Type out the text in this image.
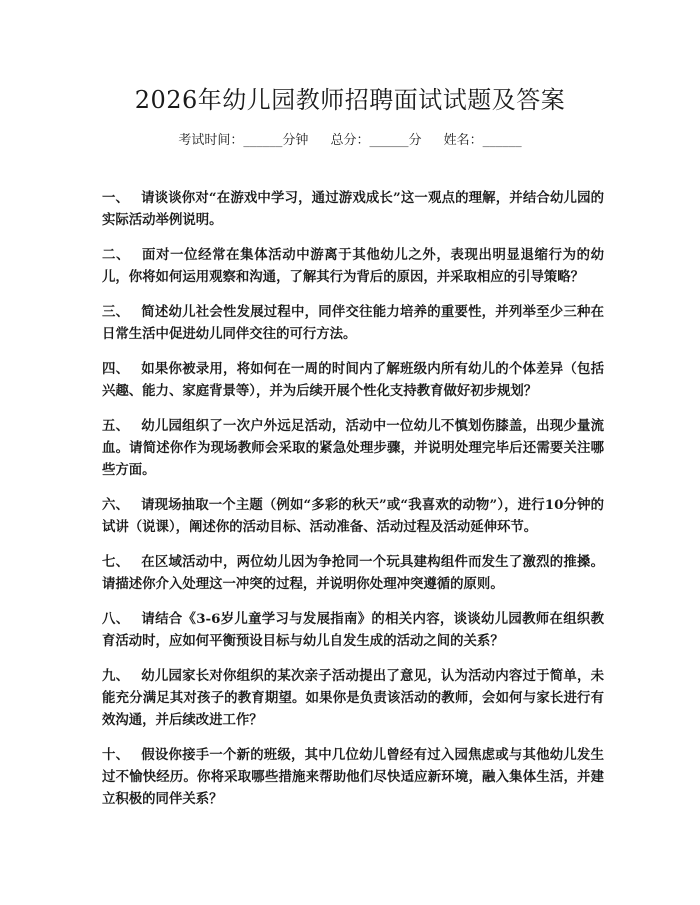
2026年幼儿园教师招聘面试试题及答案
考试时间：______分钟 总分：______分 姓名：______

一、 请谈谈你对“在游戏中学习，通过游戏成长”这一观点的理解，并结合幼儿园的实际活动举例说明。

二、 面对一位经常在集体活动中游离于其他幼儿之外，表现出明显退缩行为的幼儿，你将如何运用观察和沟通，了解其行为背后的原因，并采取相应的引导策略？

三、 简述幼儿社会性发展过程中，同伴交往能力培养的重要性，并列举至少三种在日常生活中促进幼儿同伴交往的可行方法。

四、 如果你被录用，将如何在一周的时间内了解班级内所有幼儿的个体差异（包括兴趣、能力、家庭背景等），并为后续开展个性化支持教育做好初步规划？

五、 幼儿园组织了一次户外远足活动，活动中一位幼儿不慎划伤膝盖，出现少量流血。请简述你作为现场教师会采取的紧急处理步骤，并说明处理完毕后还需要关注哪些方面。

六、 请现场抽取一个主题（例如“多彩的秋天”或“我喜欢的动物”），进行10分钟的试讲（说课），阐述你的活动目标、活动准备、活动过程及活动延伸环节。

七、 在区域活动中，两位幼儿因为争抢同一个玩具建构组件而发生了激烈的推搡。请描述你介入处理这一冲突的过程，并说明你处理冲突遵循的原则。

八、 请结合《3-6岁儿童学习与发展指南》的相关内容，谈谈幼儿园教师在组织教育活动时，应如何平衡预设目标与幼儿自发生成的活动之间的关系？

九、 幼儿园家长对你组织的某次亲子活动提出了意见，认为活动内容过于简单，未能充分满足其对孩子的教育期望。如果你是负责该活动的教师，会如何与家长进行有效沟通，并后续改进工作？

十、 假设你接手一个新的班级，其中几位幼儿曾经有过入园焦虑或与其他幼儿发生过不愉快经历。你将采取哪些措施来帮助他们尽快适应新环境，融入集体生活，并建立积极的同伴关系？
